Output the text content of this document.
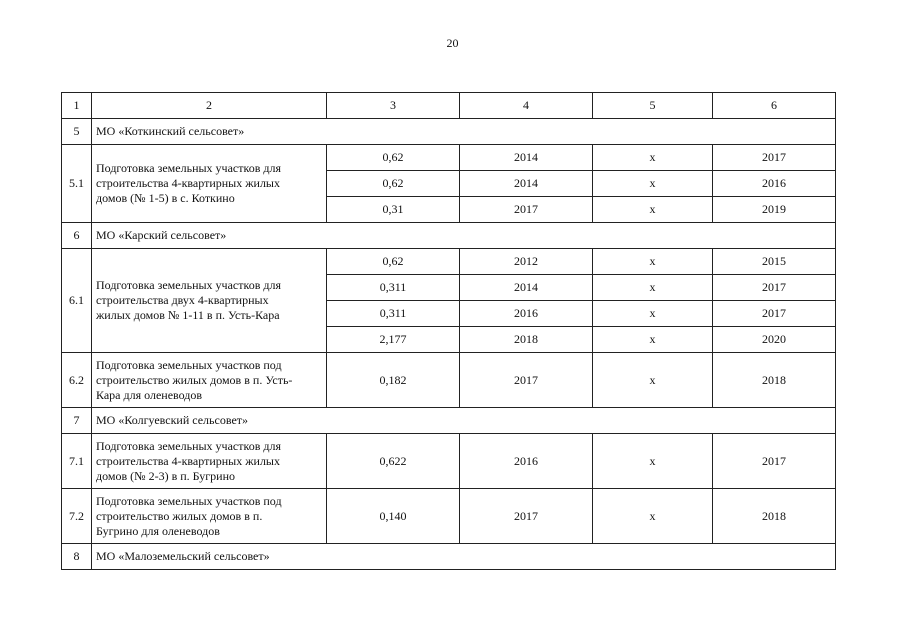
20
1	2	3	4	5	6
5	МО «Коткинский сельсовет»				
5.1	Подготовка земельных участков для
строительства 4-квартирных жилых
домов (№ 1-5) в с. Коткино	0,62	2014	х	2017
		0,62	2014	х	2016
		0,31	2017	х	2019
6	МО «Карский сельсовет»				
6.1	Подготовка земельных участков для
строительства двух 4-квартирных
жилых домов № 1-11 в п. Усть-Кара	0,62	2012	х	2015
		0,311	2014	х	2017
		0,311	2016	х	2017
		2,177	2018	х	2020
6.2	Подготовка земельных участков под
строительство жилых домов в п. Усть-
Кара для оленеводов	0,182	2017	х	2018
7	МО «Колгуевский сельсовет»				
7.1	Подготовка земельных участков для
строительства 4-квартирных жилых
домов (№ 2-3) в п. Бугрино	0,622	2016	х	2017
7.2	Подготовка земельных участков под
строительство жилых домов в п.
Бугрино для оленеводов	0,140	2017	х	2018
8	МО «Малоземельский сельсовет»				
